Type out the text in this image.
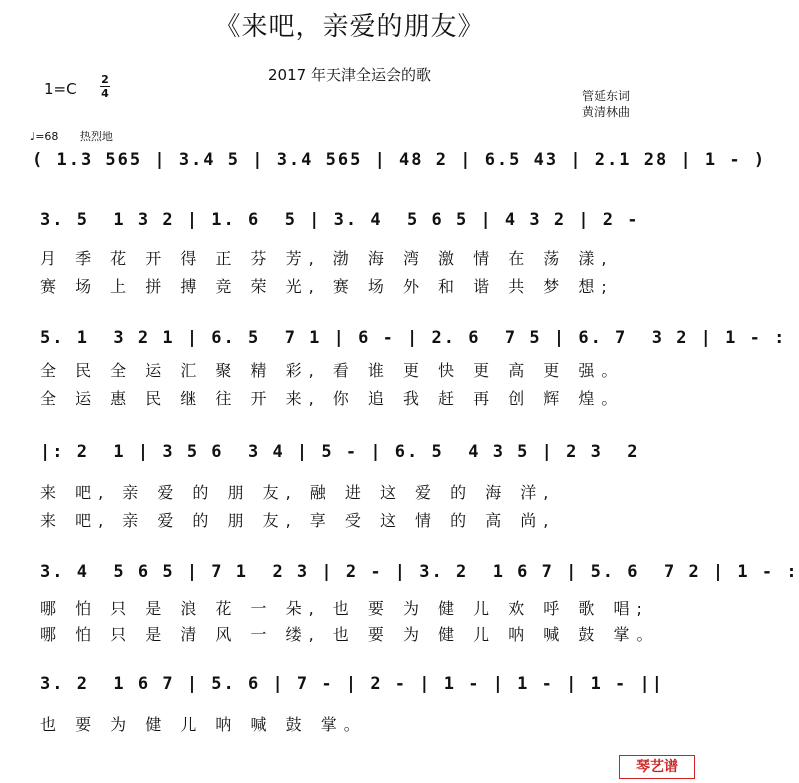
《来吧，亲爱的朋友》
2017 年天津全运会的歌
1=C
2
4	管延东词
黄清林曲
♩=68 热烈地
( 1.3 565 | 3.4 5 | 3.4 565 | 48 2 | 6.5 43 | 2.1 28 | 1 - )
3. 5  1 3 2 | 1. 6  5 | 3. 4  5 6 5 | 4 3 2 | 2 -
月 季 花 开 得 正 芬 芳, 渤 海 湾 激 情 在 荡 漾,
赛 场 上 拼 搏 竞 荣 光, 赛 场 外 和 谐 共 梦 想;
5. 1  3 2 1 | 6. 5  7 1 | 6 - | 2. 6  7 5 | 6. 7  3 2 | 1 - :
全 民 全 运 汇 聚 精 彩, 看 谁 更 快 更 高 更 强。
全 运 惠 民 继 往 开 来, 你 追 我 赶 再 创 辉 煌。
|: 2  1 | 3 5 6  3 4 | 5 - | 6. 5  4 3 5 | 2 3  2
来 吧, 亲 爱 的 朋 友, 融 进 这 爱 的 海 洋,
来 吧, 亲 爱 的 朋 友, 享 受 这 情 的 高 尚,
3. 4  5 6 5 | 7 1  2 3 | 2 - | 3. 2  1 6 7 | 5. 6  7 2 | 1 - :
哪 怕 只 是 浪 花 一 朵, 也 要 为 健 儿 欢 呼 歌 唱;
哪 怕 只 是 清 风 一 缕, 也 要 为 健 儿 呐 喊 鼓 掌。
3. 2  1 6 7 | 5. 6 | 7 - | 2 - | 1 - | 1 - | 1 - ||
也 要 为 健 儿 呐 喊 鼓 掌。
琴艺谱
